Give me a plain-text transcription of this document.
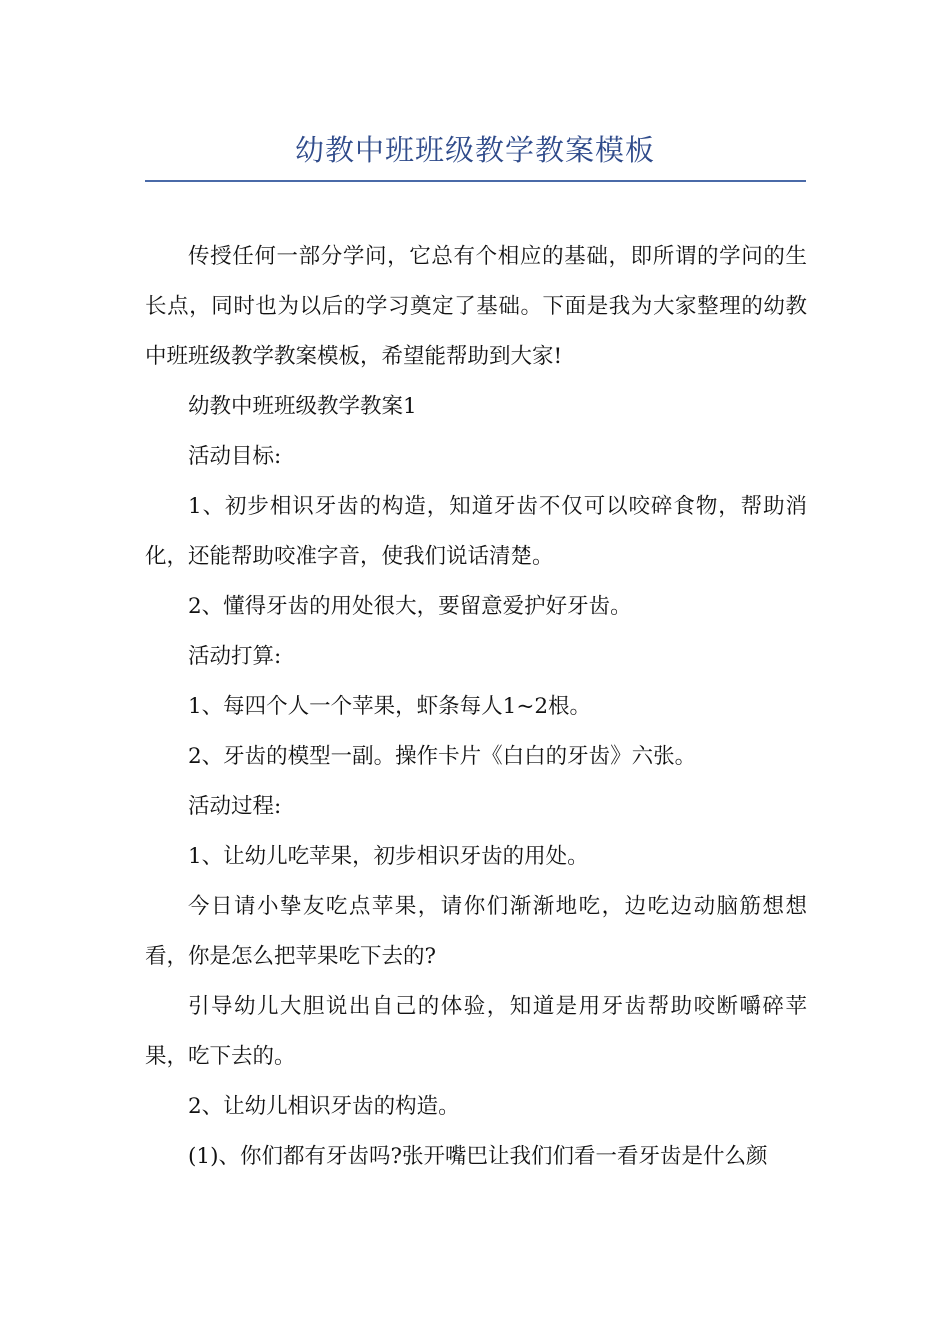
幼教中班班级教学教案模板

传授任何一部分学问，它总有个相应的基础，即所谓的学问的生长点，同时也为以后的学习奠定了基础。下面是我为大家整理的幼教中班班级教学教案模板，希望能帮助到大家!

幼教中班班级教学教案1

活动目标:

1、初步相识牙齿的构造，知道牙齿不仅可以咬碎食物，帮助消化，还能帮助咬准字音，使我们说话清楚。

2、懂得牙齿的用处很大，要留意爱护好牙齿。

活动打算:

1、每四个人一个苹果，虾条每人1~2根。

2、牙齿的模型一副。操作卡片《白白的牙齿》六张。

活动过程:

1、让幼儿吃苹果，初步相识牙齿的用处。

今日请小挚友吃点苹果，请你们渐渐地吃，边吃边动脑筋想想看，你是怎么把苹果吃下去的?

引导幼儿大胆说出自己的体验，知道是用牙齿帮助咬断嚼碎苹果，吃下去的。

2、让幼儿相识牙齿的构造。

(1)、你们都有牙齿吗?张开嘴巴让我们们看一看牙齿是什么颜
